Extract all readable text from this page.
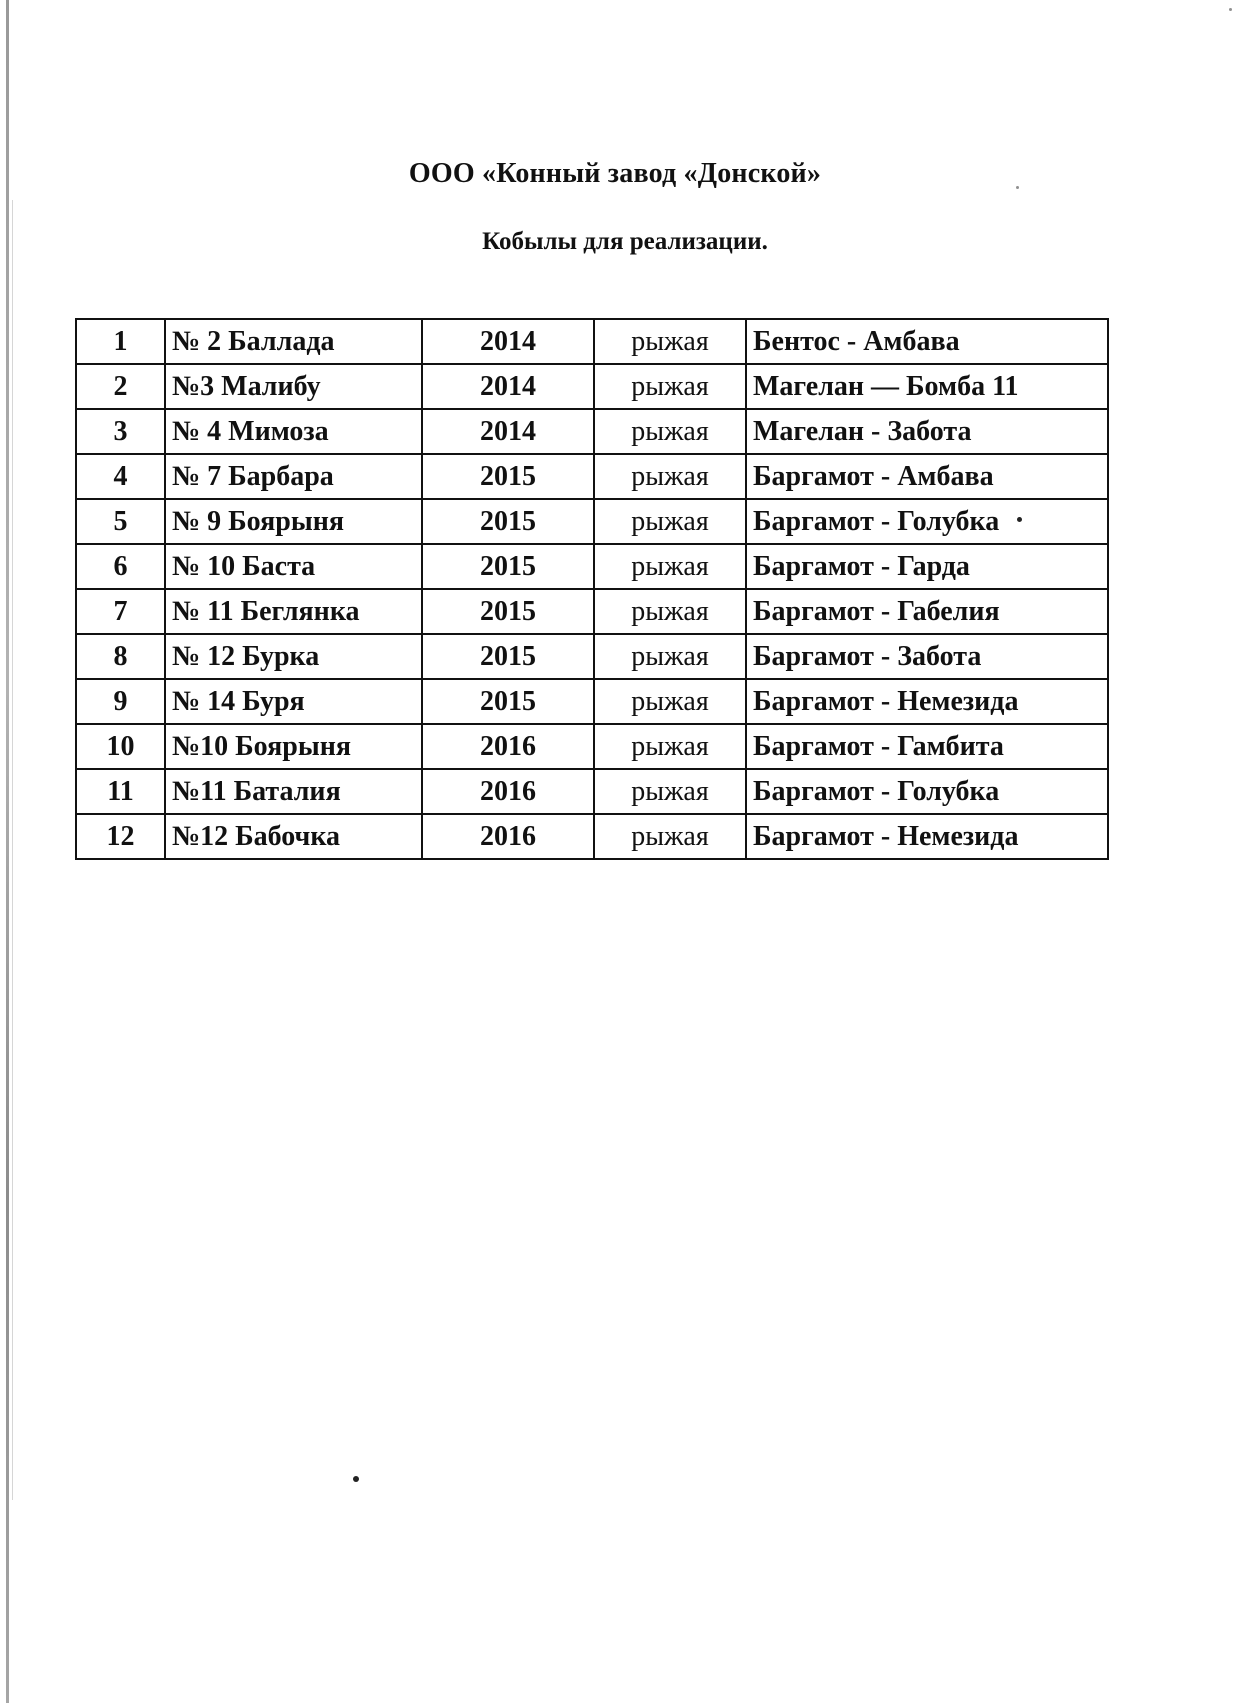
ООО «Конный завод «Донской»
Кобылы для реализации.
1	№ 2 Баллада	2014	рыжая	Бентос - Амбава
2	№3 Малибу	2014	рыжая	Магелан — Бомба 11
3	№ 4 Мимоза	2014	рыжая	Магелан - Забота
4	№ 7 Барбара	2015	рыжая	Баргамот - Амбава
5	№ 9 Боярыня	2015	рыжая	Баргамот - Голубка
6	№ 10 Баста	2015	рыжая	Баргамот - Гарда
7	№ 11 Беглянка	2015	рыжая	Баргамот - Габелия
8	№ 12 Бурка	2015	рыжая	Баргамот - Забота
9	№ 14 Буря	2015	рыжая	Баргамот - Немезида
10	№10 Боярыня	2016	рыжая	Баргамот - Гамбита
11	№11 Баталия	2016	рыжая	Баргамот - Голубка
12	№12 Бабочка	2016	рыжая	Баргамот - Немезида
